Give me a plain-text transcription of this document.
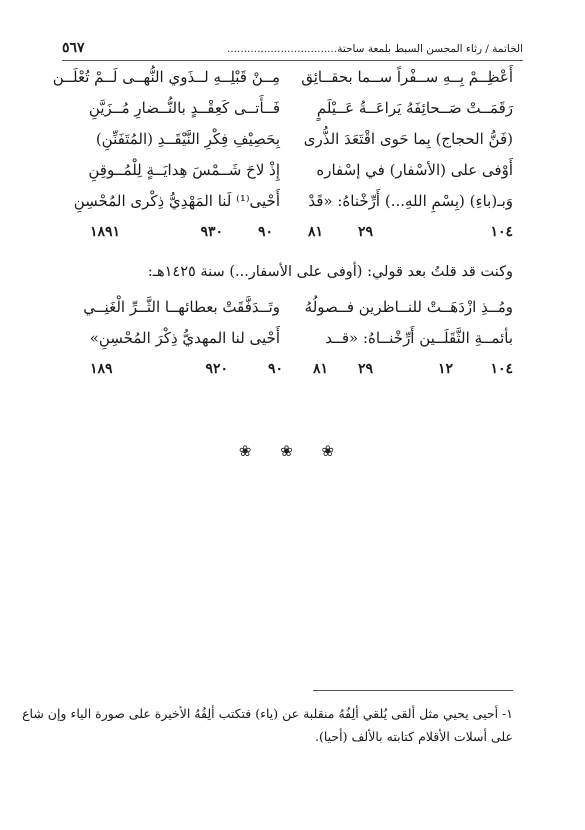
الخاتمة / رثاء المحسن السبط بلمعة ساحتة.................................
٥٦٧
أَعْظِــمْ بِــهِ ســفْراً ســما بحقــائِق
مِــنْ قَبْلِــهِ لــذَوي النُّهــى لَــمْ تُعْلَــن
رَقَمَــتْ صَــحائِفَهُ يَراعَــةُ عَــيْلَمٍ
فَــأَتــى كَعِقْــدٍ بالنُّــضارِ مُــزَيَّنِ
(فَنُّ الحجاج) بِما حَوى اقْتَعَدَ الذُّرى
بِحَصِيْفِ فِكْرِ النَّيْقَــدِ (المُتَفَنِّنِ)
أَوْفى على (الأسْفار) في إسْفاره
إِذْ لاحَ شَــمْسَ هِدايَــةٍ لِلْمُــوقِنِ
وَبـ(باءِ) (بِسْمِ اللهِ...) أَرِّخْناهُ: «قَدْ
أَحْيى⁽¹⁾ لَنا المَهْدِيُّ ذِكْرى المُحْسِنِ
١٠٤
٢٩
٨١
٩٠
٩٣٠
١٨٩١
وكنت قد قلتُ بعد قولي: (أوفى على الأسفار...) سنة ١٤٢٥هـ:
ومُــذِ ازْدَهَــتْ للنــاظرين فــصولُهُ
وتَــدَفَّقَتْ بعطائهــا الثَّــرِّ الْغَنِــي
بأئمــةِ الثَّقَلَــين أَرِّخْنــاهُ: «قــد
أَحْيى لنا المهديُّ ذِكْرَ المُحْسِنِ»
١٢	١٠٤
٢٩
٨١
٩٠
٩٢٠
١٨٩
❀ ❀ ❀
١- أحيى يحيي مثل ألقى يُلقي ألِفُهُ منقلبة عن (ياء) فتكتب ألِفُهُ الأخيرة على صورة الياء وإن شاع
على أسلات الأقلام كتابته بالألف (أحيا).
